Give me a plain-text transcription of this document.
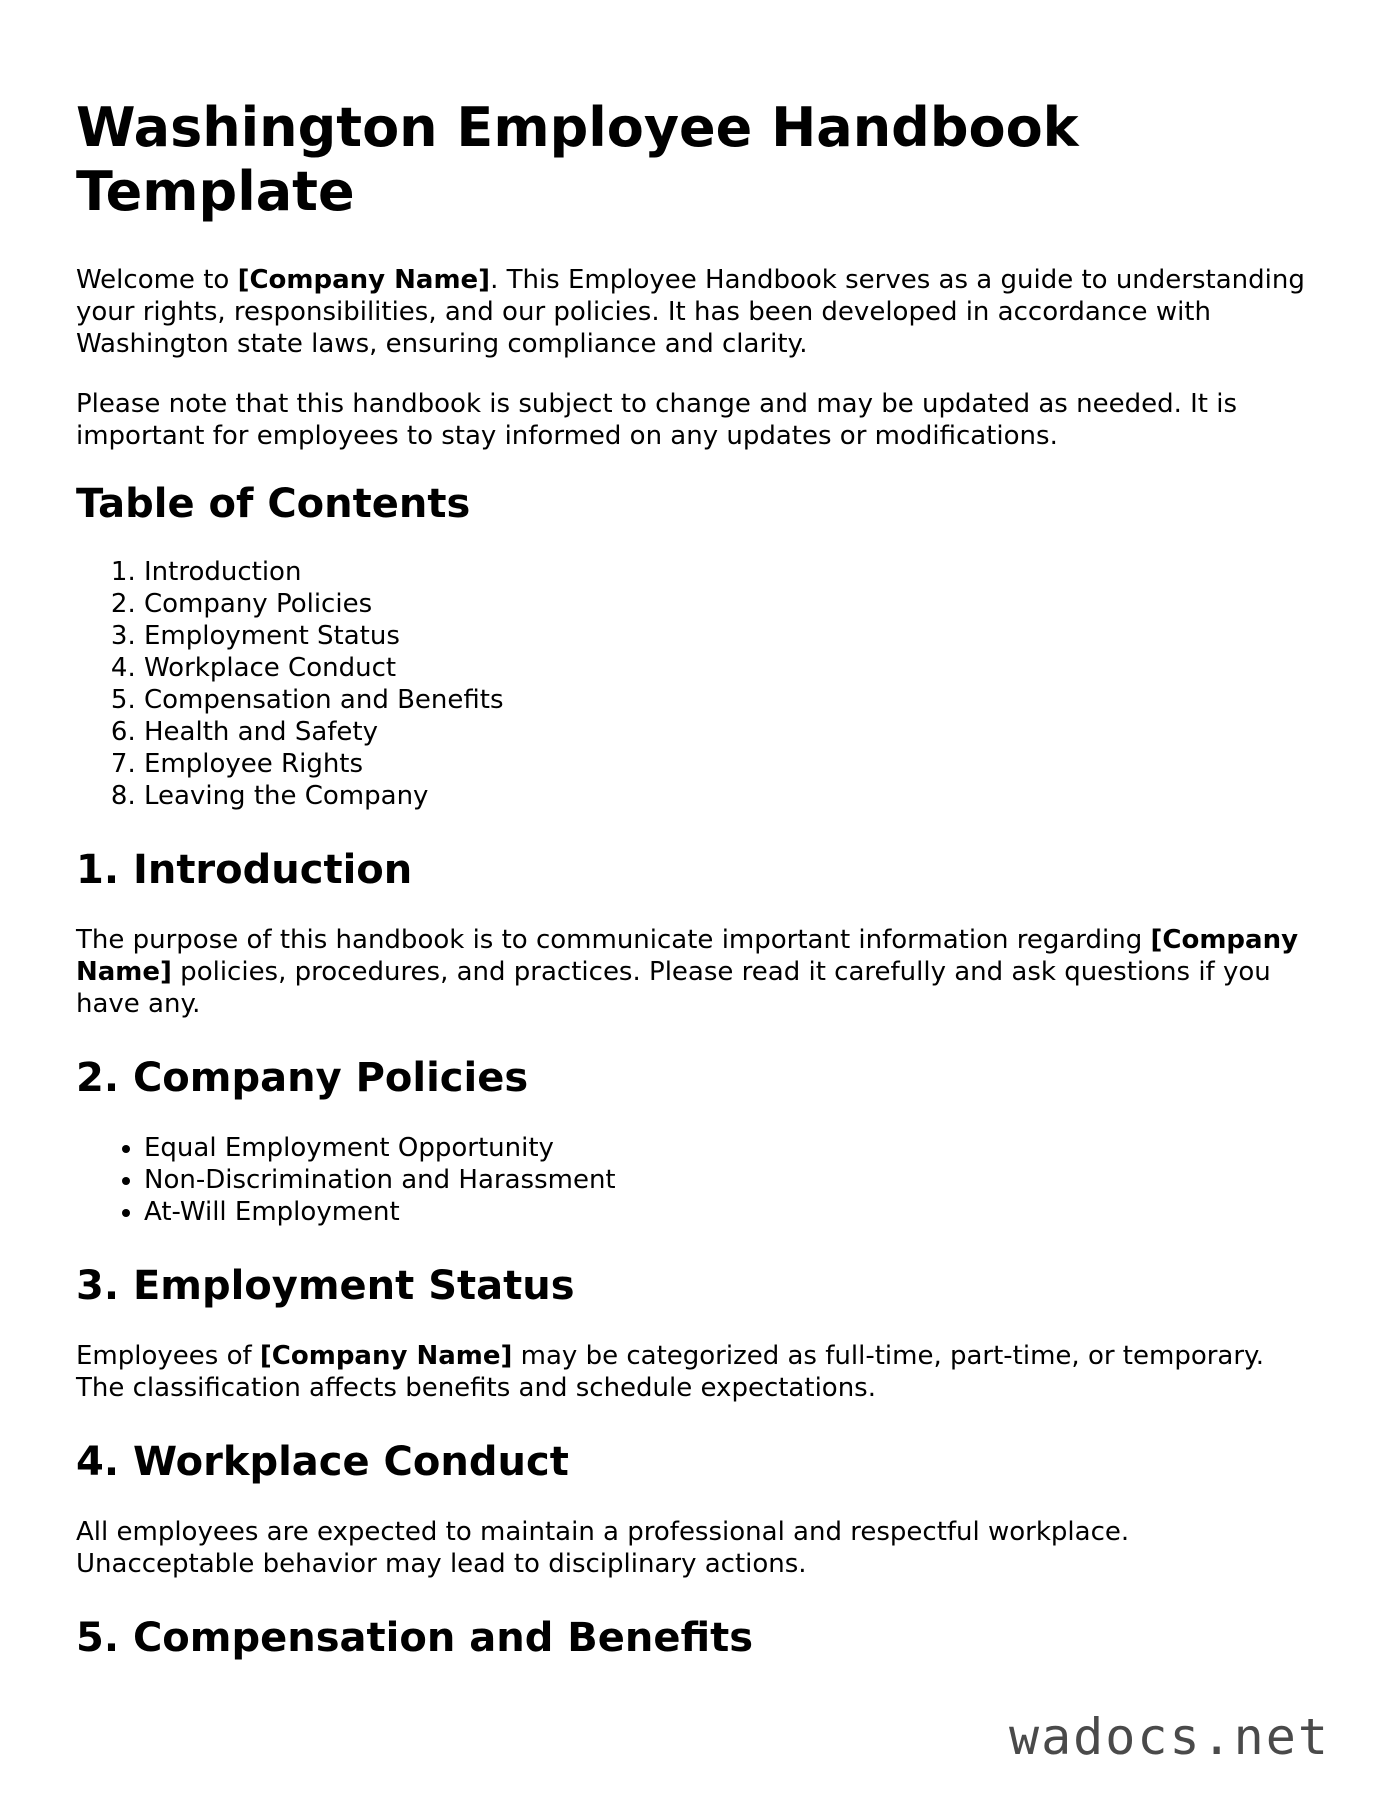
Washington Employee Handbook Template

Welcome to [Company Name]. This Employee Handbook serves as a guide to understanding your rights, responsibilities, and our policies. It has been developed in accordance with Washington state laws, ensuring compliance and clarity.

Please note that this handbook is subject to change and may be updated as needed. It is important for employees to stay informed on any updates or modifications.

Table of Contents
1. Introduction
2. Company Policies
3. Employment Status
4. Workplace Conduct
5. Compensation and Benefits
6. Health and Safety
7. Employee Rights
8. Leaving the Company
1. Introduction

The purpose of this handbook is to communicate important information regarding [Company Name] policies, procedures, and practices. Please read it carefully and ask questions if you have any.

2. Company Policies
• Equal Employment Opportunity
• Non-Discrimination and Harassment
• At-Will Employment
3. Employment Status

Employees of [Company Name] may be categorized as full-time, part-time, or temporary. The classification affects benefits and schedule expectations.

4. Workplace Conduct

All employees are expected to maintain a professional and respectful workplace. Unacceptable behavior may lead to disciplinary actions.

5. Compensation and Benefits
wadocs.net
